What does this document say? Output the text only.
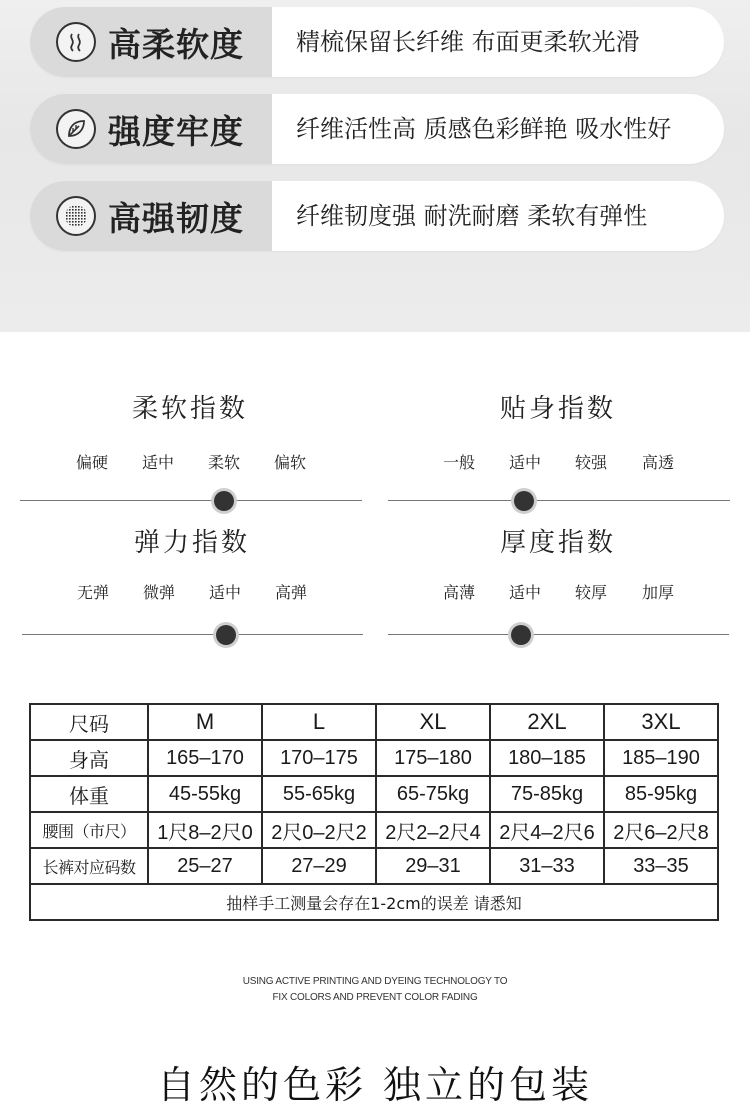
高柔软度 精梳保留长纤维 布面更柔软光滑
强度牢度 纤维活性高 质感色彩鲜艳 吸水性好
高强韧度 纤维韧度强 耐洗耐磨 柔软有弹性
柔软指数
偏硬	适中	柔软	偏软
贴身指数
一般	适中	较强	高透
弹力指数
无弹	微弹	适中	高弹
厚度指数
高薄	适中	较厚	加厚
尺码	M	L	XL	2XL	3XL
身高	165–170	170–175	175–180	180–185	185–190
体重	45-55kg	55-65kg	65-75kg	75-85kg	85-95kg
腰围（市尺）	1尺8–2尺0	2尺0–2尺2	2尺2–2尺4	2尺4–2尺6	2尺6–2尺8
长裤对应码数	25–27	27–29	29–31	31–33	33–35
抽样手工测量会存在1-2cm的误差 请悉知					
USING ACTIVE PRINTING AND DYEING TECHNOLOGY TO
FIX COLORS AND PREVENT COLOR FADING
自然的色彩 独立的包装
